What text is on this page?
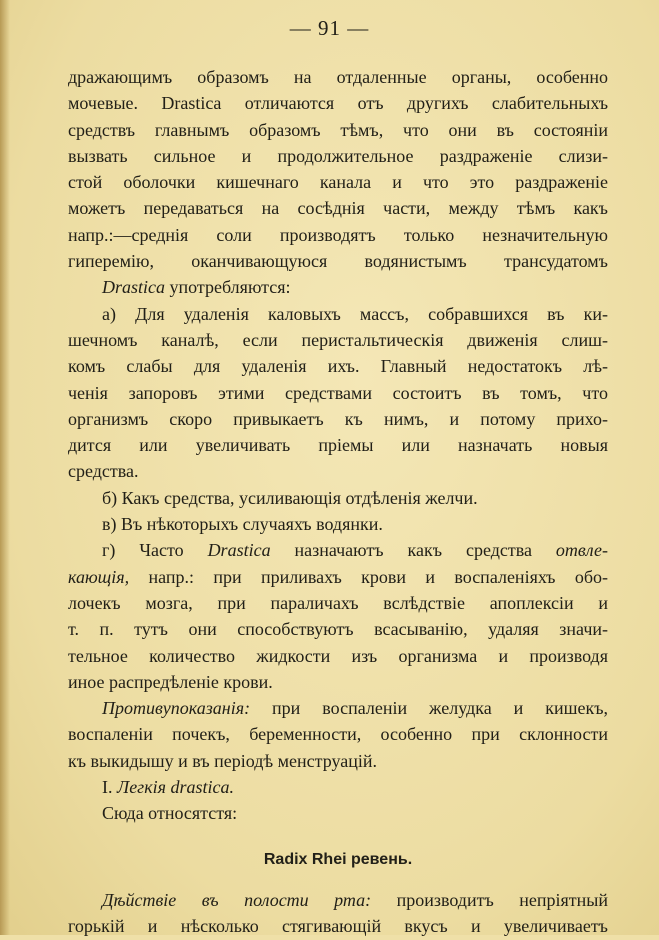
— 91 —
дражающимъ образомъ на отдаленные органы, особенно
мочевые. Drastica отличаются отъ другихъ слабительныхъ
средствъ главнымъ образомъ тѣмъ, что они въ состояніи
вызвать сильное и продолжительное раздраженіе слизи-
стой оболочки кишечнаго канала и что это раздраженіе
можетъ передаваться на сосѣднія части, между тѣмъ какъ
напр.:—среднія соли производятъ только незначительную
гиперемію, оканчивающуюся водянистымъ трансудатомъ
Drastica употребляются:
а) Для удаленія каловыхъ массъ, собравшихся въ ки-
шечномъ каналѣ, если перистальтическія движенія слиш-
комъ слабы для удаленія ихъ. Главный недостатокъ лѣ-
ченія запоровъ этими средствами состоитъ въ томъ, что
организмъ скоро привыкаетъ къ нимъ, и потому прихо-
дится или увеличивать пріемы или назначать новыя
средства.
б) Какъ средства, усиливающія отдѣленія желчи.
в) Въ нѣкоторыхъ случаяхъ водянки.
г) Часто Drastica назначаютъ какъ средства отвле-
кающія, напр.: при приливахъ крови и воспаленіяхъ обо-
лочекъ мозга, при параличахъ вслѣдствіе апоплексіи и
т. п. тутъ они способствуютъ всасыванію, удаляя значи-
тельное количество жидкости изъ организма и производя
иное распредѣленіе крови.
Противупоказанія: при воспаленіи желудка и кишекъ,
воспаленіи почекъ, беременности, особенно при склонности
къ выкидышу и въ періодѣ менструацій.
I. Легкія drastica.
Сюда относятстя:
Radix Rhei ревень.
Дѣйствіе въ полости рта: производитъ непріятный
горькій и нѣсколько стягивающій вкусъ и увеличиваетъ
